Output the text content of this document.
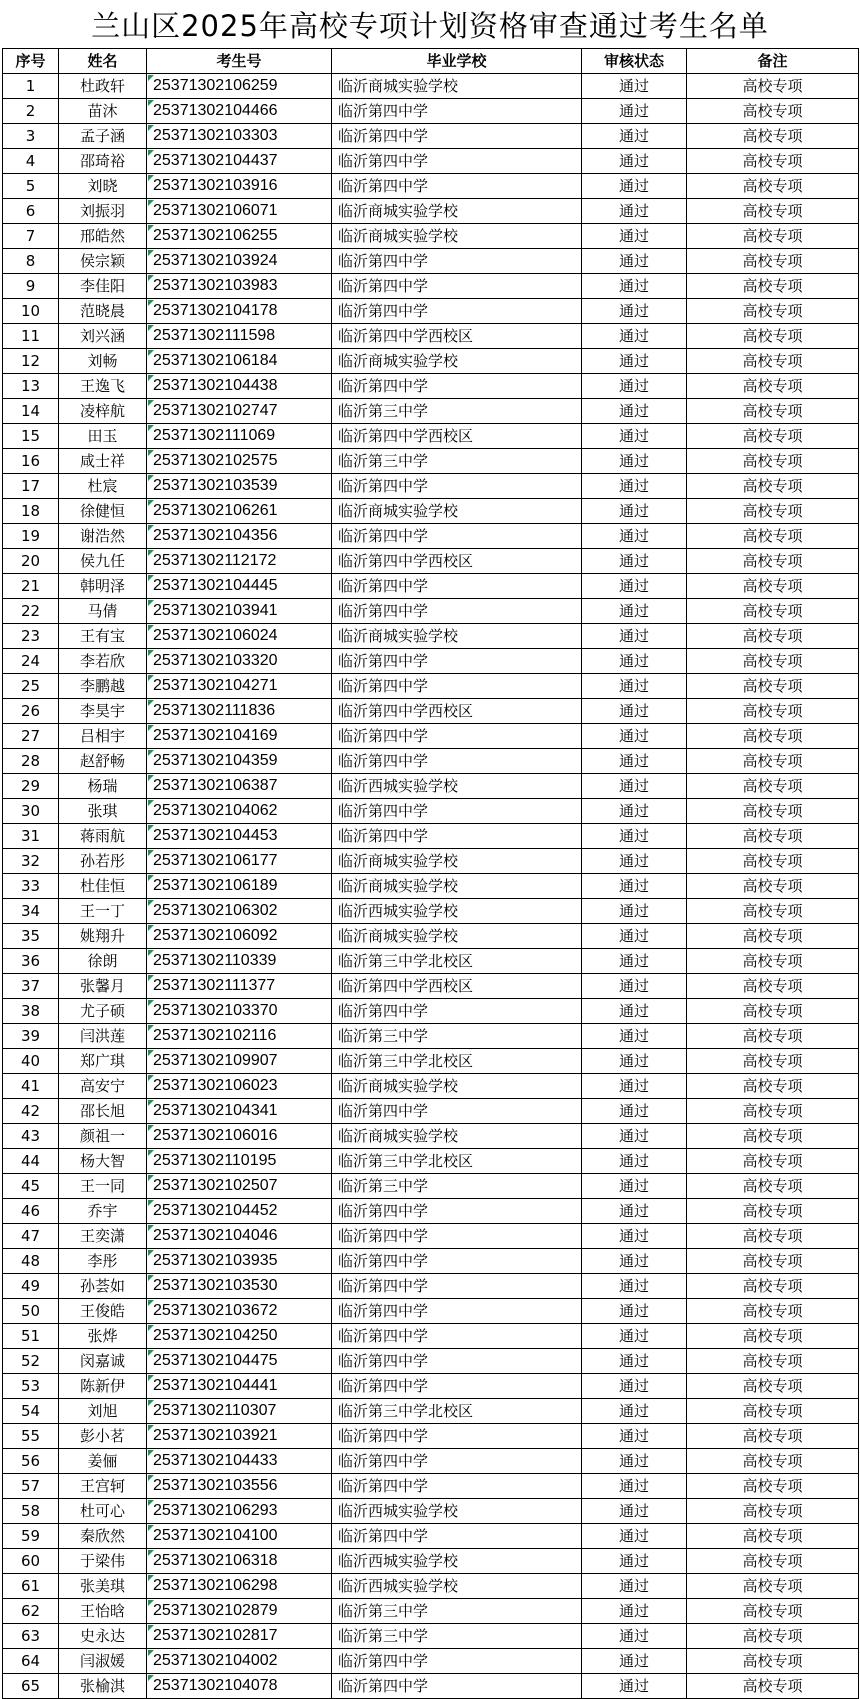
兰山区2025年高校专项计划资格审查通过考生名单
序号	姓名	考生号	毕业学校	审核状态	备注
1	杜政轩	25371302106259	临沂商城实验学校	通过	高校专项
2	苗沐	25371302104466	临沂第四中学	通过	高校专项
3	孟子涵	25371302103303	临沂第四中学	通过	高校专项
4	邵琦裕	25371302104437	临沂第四中学	通过	高校专项
5	刘晓	25371302103916	临沂第四中学	通过	高校专项
6	刘振羽	25371302106071	临沂商城实验学校	通过	高校专项
7	邢皓然	25371302106255	临沂商城实验学校	通过	高校专项
8	侯宗颖	25371302103924	临沂第四中学	通过	高校专项
9	李佳阳	25371302103983	临沂第四中学	通过	高校专项
10	范晓晨	25371302104178	临沂第四中学	通过	高校专项
11	刘兴涵	25371302111598	临沂第四中学西校区	通过	高校专项
12	刘畅	25371302106184	临沂商城实验学校	通过	高校专项
13	王逸飞	25371302104438	临沂第四中学	通过	高校专项
14	凌梓航	25371302102747	临沂第三中学	通过	高校专项
15	田玉	25371302111069	临沂第四中学西校区	通过	高校专项
16	咸士祥	25371302102575	临沂第三中学	通过	高校专项
17	杜宸	25371302103539	临沂第四中学	通过	高校专项
18	徐健恒	25371302106261	临沂商城实验学校	通过	高校专项
19	谢浩然	25371302104356	临沂第四中学	通过	高校专项
20	侯九任	25371302112172	临沂第四中学西校区	通过	高校专项
21	韩明泽	25371302104445	临沂第四中学	通过	高校专项
22	马倩	25371302103941	临沂第四中学	通过	高校专项
23	王有宝	25371302106024	临沂商城实验学校	通过	高校专项
24	李若欣	25371302103320	临沂第四中学	通过	高校专项
25	李鹏越	25371302104271	临沂第四中学	通过	高校专项
26	李昊宇	25371302111836	临沂第四中学西校区	通过	高校专项
27	吕相宇	25371302104169	临沂第四中学	通过	高校专项
28	赵舒畅	25371302104359	临沂第四中学	通过	高校专项
29	杨瑞	25371302106387	临沂西城实验学校	通过	高校专项
30	张琪	25371302104062	临沂第四中学	通过	高校专项
31	蒋雨航	25371302104453	临沂第四中学	通过	高校专项
32	孙若彤	25371302106177	临沂商城实验学校	通过	高校专项
33	杜佳恒	25371302106189	临沂商城实验学校	通过	高校专项
34	王一丁	25371302106302	临沂西城实验学校	通过	高校专项
35	姚翔升	25371302106092	临沂商城实验学校	通过	高校专项
36	徐朗	25371302110339	临沂第三中学北校区	通过	高校专项
37	张馨月	25371302111377	临沂第四中学西校区	通过	高校专项
38	尤子硕	25371302103370	临沂第四中学	通过	高校专项
39	闫洪莲	25371302102116	临沂第三中学	通过	高校专项
40	郑广琪	25371302109907	临沂第三中学北校区	通过	高校专项
41	高安宁	25371302106023	临沂商城实验学校	通过	高校专项
42	邵长旭	25371302104341	临沂第四中学	通过	高校专项
43	颜祖一	25371302106016	临沂商城实验学校	通过	高校专项
44	杨大智	25371302110195	临沂第三中学北校区	通过	高校专项
45	王一同	25371302102507	临沂第三中学	通过	高校专项
46	乔宇	25371302104452	临沂第四中学	通过	高校专项
47	王奕潇	25371302104046	临沂第四中学	通过	高校专项
48	李彤	25371302103935	临沂第四中学	通过	高校专项
49	孙荟如	25371302103530	临沂第四中学	通过	高校专项
50	王俊皓	25371302103672	临沂第四中学	通过	高校专项
51	张烨	25371302104250	临沂第四中学	通过	高校专项
52	闵嘉诚	25371302104475	临沂第四中学	通过	高校专项
53	陈新伊	25371302104441	临沂第四中学	通过	高校专项
54	刘旭	25371302110307	临沂第三中学北校区	通过	高校专项
55	彭小茗	25371302103921	临沂第四中学	通过	高校专项
56	姜俪	25371302104433	临沂第四中学	通过	高校专项
57	王宫轲	25371302103556	临沂第四中学	通过	高校专项
58	杜可心	25371302106293	临沂西城实验学校	通过	高校专项
59	秦欣然	25371302104100	临沂第四中学	通过	高校专项
60	于梁伟	25371302106318	临沂西城实验学校	通过	高校专项
61	张美琪	25371302106298	临沂西城实验学校	通过	高校专项
62	王怡晗	25371302102879	临沂第三中学	通过	高校专项
63	史永达	25371302102817	临沂第三中学	通过	高校专项
64	闫淑媛	25371302104002	临沂第四中学	通过	高校专项
65	张榆淇	25371302104078	临沂第四中学	通过	高校专项
